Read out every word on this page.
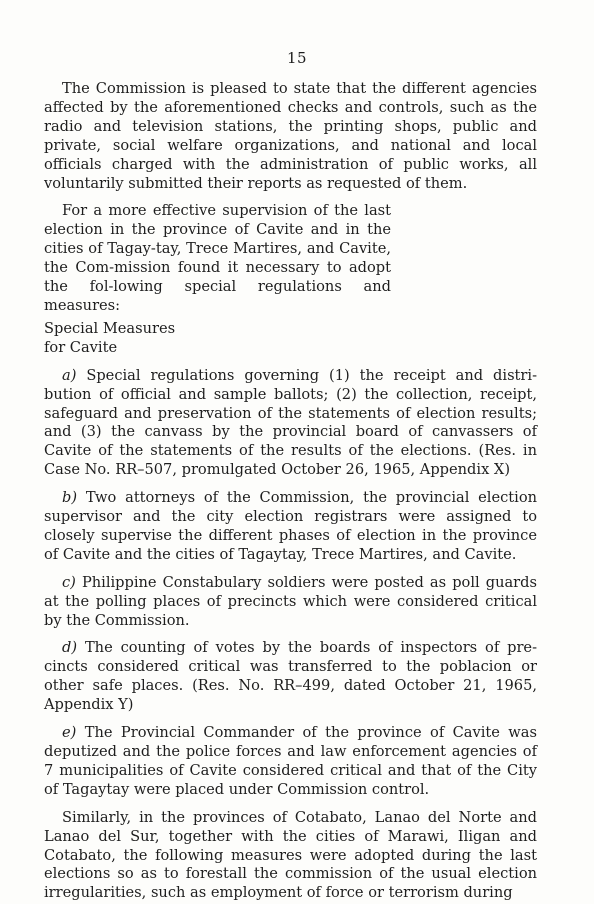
15

The Commission is pleased to state that the different agencies affected by the aforementioned checks and controls, such as the radio and television stations, the printing shops, public and private, social welfare organizations, and national and local officials charged with the administration of public works, all voluntarily submitted their reports as requested of them.

For a more effective supervision of the last election in the province of Cavite and in the cities of Tagay-tay, Trece Martires, and Cavite, the Com-mission found it necessary to adopt the fol-lowing special regulations and measures:

Special Measures
for Cavite

a) Special regulations governing (1) the receipt and distri-bution of official and sample ballots; (2) the collection, receipt, safeguard and preservation of the statements of election results; and (3) the canvass by the provincial board of canvassers of Cavite of the statements of the results of the elections. (Res. in Case No. RR–507, promulgated October 26, 1965, Appendix X)

b) Two attorneys of the Commission, the provincial election supervisor and the city election registrars were assigned to closely supervise the different phases of election in the province of Cavite and the cities of Tagaytay, Trece Martires, and Cavite.

c) Philippine Constabulary soldiers were posted as poll guards at the polling places of precincts which were considered critical by the Commission.

d) The counting of votes by the boards of inspectors of pre-cincts considered critical was transferred to the poblacion or other safe places. (Res. No. RR–499, dated October 21, 1965, Appendix Y)

e) The Provincial Commander of the province of Cavite was deputized and the police forces and law enforcement agencies of 7 municipalities of Cavite considered critical and that of the City of Tagaytay were placed under Commission control.

Similarly, in the provinces of Cotabato, Lanao del Norte and Lanao del Sur, together with the cities of Marawi, Iligan and Cotabato, the following measures were adopted during the last elections so as to forestall the commission of the usual election irregularities, such as employment of force or terrorism during
